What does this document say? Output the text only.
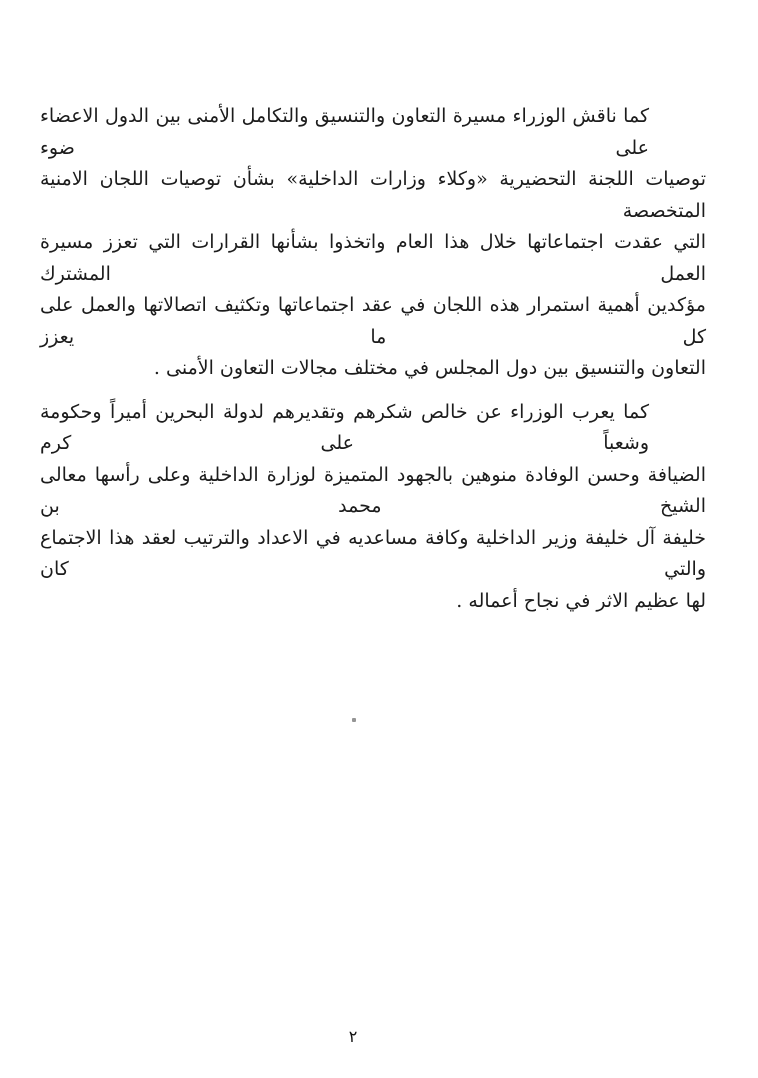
كما ناقش الوزراء مسيرة التعاون والتنسيق والتكامل الأمنى بين الدول الاعضاء على ضوء
توصيات اللجنة التحضيرية «وكلاء وزارات الداخلية» بشأن توصيات اللجان الامنية المتخصصة
التي عقدت اجتماعاتها خلال هذا العام واتخذوا بشأنها القرارات التي تعزز مسيرة العمل المشترك
مؤكدين أهمية استمرار هذه اللجان في عقد اجتماعاتها وتكثيف اتصالاتها والعمل على كل ما يعزز
التعاون والتنسيق بين دول المجلس في مختلف مجالات التعاون الأمنى .
كما يعرب الوزراء عن خالص شكرهم وتقديرهم لدولة البحرين أميراً وحكومة وشعباً على كرم
الضيافة وحسن الوفادة منوهين بالجهود المتميزة لوزارة الداخلية وعلى رأسها معالى الشيخ محمد بن
خليفة آل خليفة وزير الداخلية وكافة مساعديه في الاعداد والترتيب لعقد هذا الاجتماع والتي كان
لها عظيم الاثر في نجاح أعماله .
٢
